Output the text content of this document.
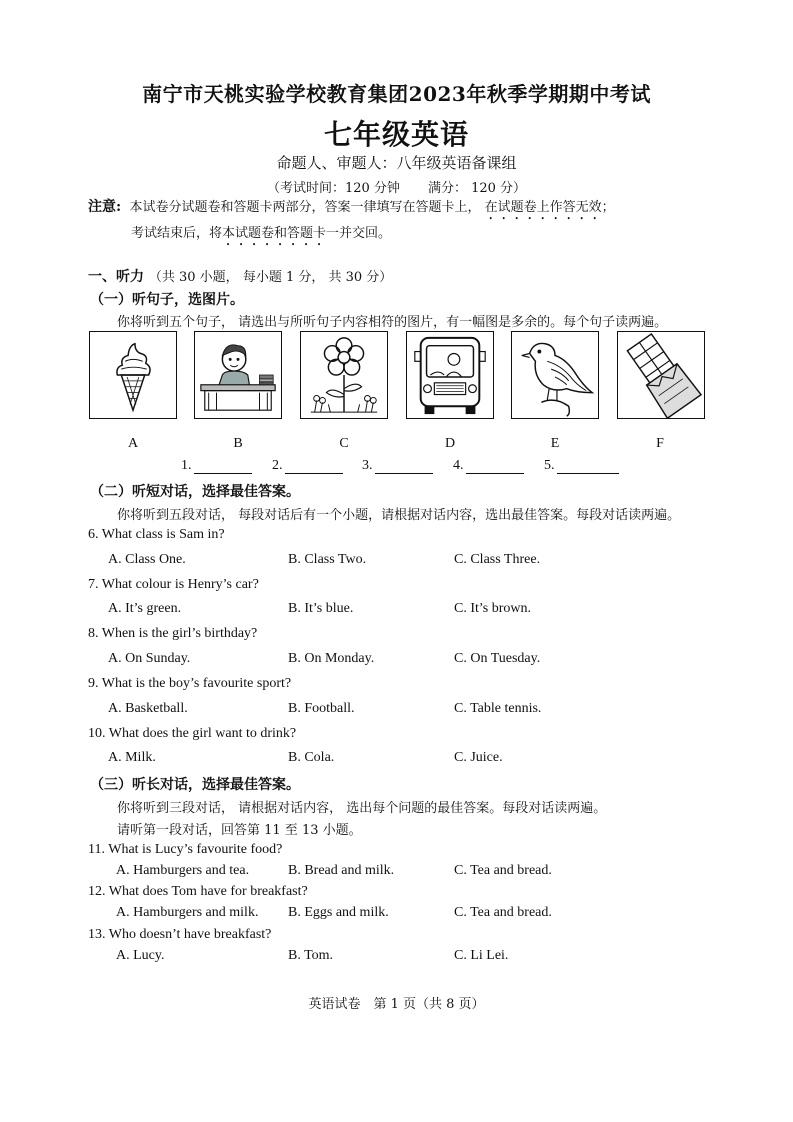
南宁市天桃实验学校教育集团2023年秋季学期期中考试
七年级英语
命题人、审题人：八年级英语备课组
（考试时间：120 分钟 满分： 120 分）
注意: 本试卷分试题卷和答题卡两部分，答案一律填写在答题卡上， 在试题卷上作答无效；
考试结束后，将本试题卷和答题卡一并交回。
一、听力 （共 30 小题， 每小题 1 分， 共 30 分）
（一）听句子，选图片。
你将听到五个句子， 请选出与所听句子内容相符的图片，有一幅图是多余的。每个句子读两遍。
A	B	C	D	E	F
1.	2.	3.	4.	5.
（二）听短对话，选择最佳答案。
你将听到五段对话， 每段对话后有一个小题，请根据对话内容，选出最佳答案。每段对话读两遍。
6. What class is Sam in?
A. Class One.	B. Class Two.	C. Class Three.
7. What colour is Henry’s car?
A. It’s green.	B. It’s blue.	C. It’s brown.
8. When is the girl’s birthday?
A. On Sunday.	B. On Monday.	C. On Tuesday.
9. What is the boy’s favourite sport?
A. Basketball.	B. Football.	C. Table tennis.
10. What does the girl want to drink?
A. Milk.	B. Cola.	C. Juice.
（三）听长对话，选择最佳答案。
你将听到三段对话， 请根据对话内容， 选出每个问题的最佳答案。每段对话读两遍。
请听第一段对话，回答第 11 至 13 小题。
11. What is Lucy’s favourite food?
A. Hamburgers and tea.	B. Bread and milk.	C. Tea and bread.
12. What does Tom have for breakfast?
A. Hamburgers and milk. B. Eggs and milk.	C. Tea and bread.
13. Who doesn’t have breakfast?
A. Lucy.	B. Tom.	C. Li Lei.
英语试卷　第 1 页（共 8 页）
